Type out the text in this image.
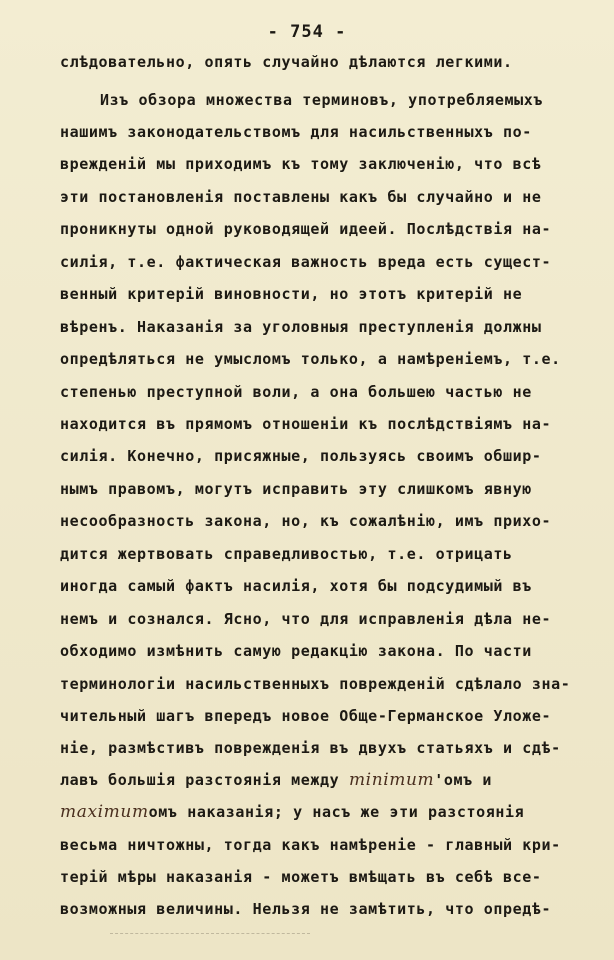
- 754 -
слѣдовательно, опять случайно дѣлаются легкими.
Изъ обзора множества терминовъ, употребляемыхъ
нашимъ законодательствомъ для насильственныхъ по-
врежденій мы приходимъ къ тому заключенію, что всѣ
эти постановленія поставлены какъ бы случайно и не
проникнуты одной руководящей идеей. Послѣдствія на-
силія, т.е. фактическая важность вреда есть сущест-
венный критерій виновности, но этотъ критерій не
вѣренъ. Наказанія за уголовныя преступленія должны
опредѣляться не умысломъ только, а намѣреніемъ, т.е.
степенью преступной воли, а она большею частью не
находится въ прямомъ отношеніи къ послѣдствіямъ на-
силія. Конечно, присяжные, пользуясь своимъ обшир-
нымъ правомъ, могутъ исправить эту слишкомъ явную
несообразность закона, но, къ сожалѣнію, имъ прихо-
дится жертвовать справедливостью, т.е. отрицать
иногда самый фактъ насилія, хотя бы подсудимый въ
немъ и сознался. Ясно, что для исправленія дѣла не-
обходимо измѣнить самую редакцію закона. По части
терминологіи насильственныхъ поврежденій сдѣлало зна-
чительный шагъ впередъ новое Обще-Германское Уложе-
ніе, размѣстивъ поврежденія въ двухъ статьяхъ и сдѣ-
лавъ большія разстоянія между minimum'омъ и
maximumомъ наказанія; у насъ же эти разстоянія
весьма ничтожны, тогда какъ намѣреніе - главный кри-
терій мѣры наказанія - можетъ вмѣщать въ себѣ все-
возможныя величины. Нельзя не замѣтить, что опредѣ-
